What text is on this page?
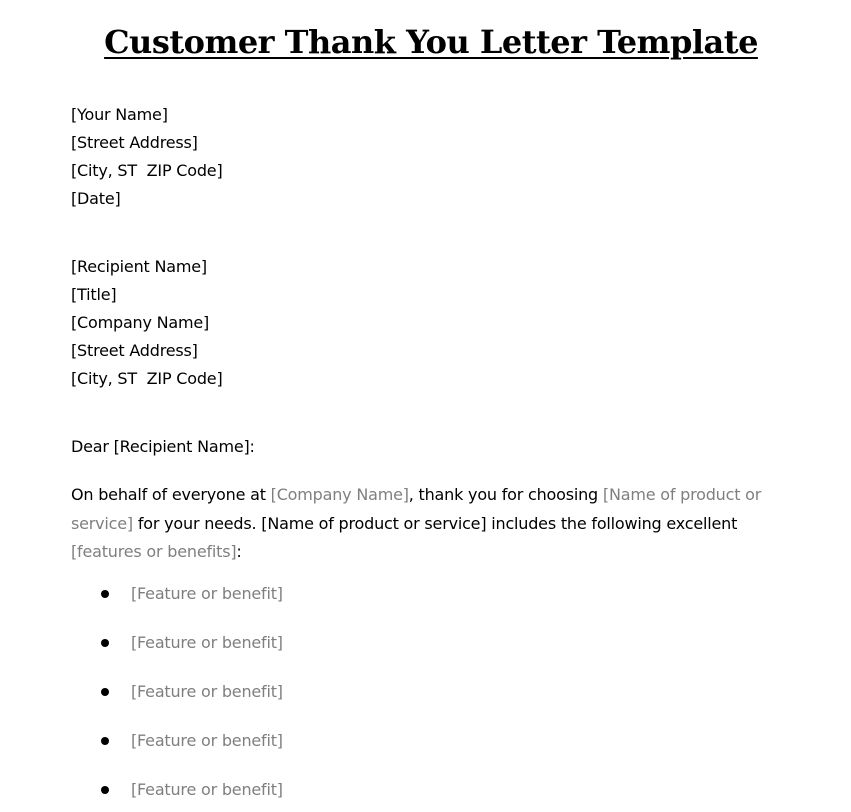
Customer Thank You Letter Template
[Your Name]
[Street Address]
[City, ST  ZIP Code]
[Date]
[Recipient Name]
[Title]
[Company Name]
[Street Address]
[City, ST  ZIP Code]

Dear [Recipient Name]:

On behalf of everyone at [Company Name], thank you for choosing [Name of product or service] for your needs. [Name of product or service] includes the following excellent [features or benefits]:

[Feature or benefit]
[Feature or benefit]
[Feature or benefit]
[Feature or benefit]
[Feature or benefit]
